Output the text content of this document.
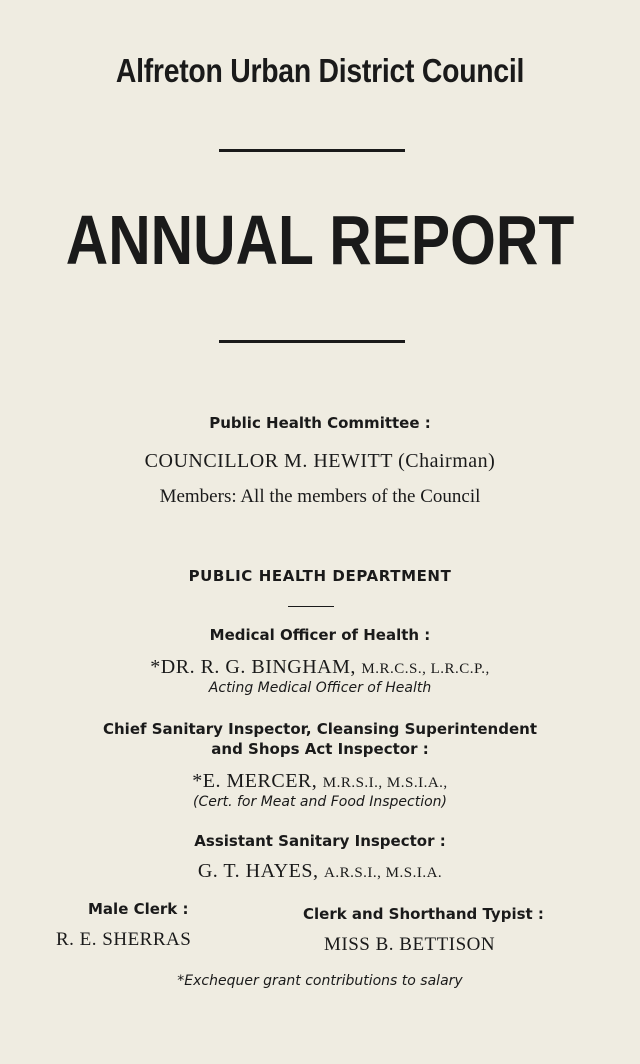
Alfreton Urban District Council
ANNUAL REPORT
Public Health Committee :
COUNCILLOR M. HEWITT (Chairman)
Members: All the members of the Council
PUBLIC HEALTH DEPARTMENT
Medical Officer of Health :
*DR. R. G. BINGHAM, M.R.C.S., L.R.C.P.,
Acting Medical Officer of Health
Chief Sanitary Inspector, Cleansing Superintendent
and Shops Act Inspector :
*E. MERCER, M.R.S.I., M.S.I.A.,
(Cert. for Meat and Food Inspection)
Assistant Sanitary Inspector :
G. T. HAYES, A.R.S.I., M.S.I.A.
Male Clerk :
R. E. SHERRAS
Clerk and Shorthand Typist :
MISS B. BETTISON
*Exchequer grant contributions to salary
